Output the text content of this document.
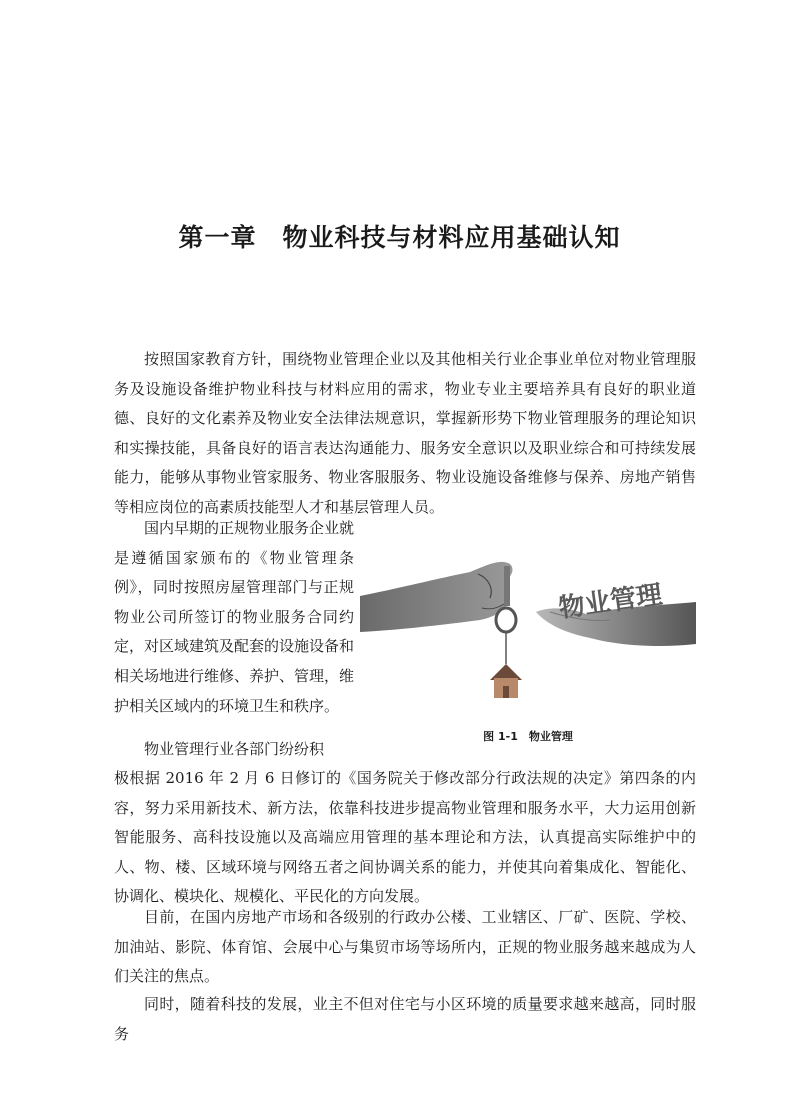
第一章　物业科技与材料应用基础认知

按照国家教育方针，围绕物业管理企业以及其他相关行业企事业单位对物业管理服务及设施设备维护物业科技与材料应用的需求，物业专业主要培养具有良好的职业道德、良好的文化素养及物业安全法律法规意识，掌握新形势下物业管理服务的理论知识和实操技能，具备良好的语言表达沟通能力、服务安全意识以及职业综合和可持续发展能力，能够从事物业管家服务、物业客服服务、物业设施设备维修与保养、房地产销售等相应岗位的高素质技能型人才和基层管理人员。

国内早期的正规物业服务企业就是遵循国家颁布的《物业管理条例》，同时按照房屋管理部门与正规物业公司所签订的物业服务合同约定，对区域建筑及配套的设施设备和相关场地进行维修、养护、管理，维护相关区域内的环境卫生和秩序。

物业管理行业各部门纷纷积

极根据 2016 年 2 月 6 日修订的《国务院关于修改部分行政法规的决定》第四条的内容，努力采用新技术、新方法，依靠科技进步提高物业管理和服务水平，大力运用创新智能服务、高科技设施以及高端应用管理的基本理论和方法，认真提高实际维护中的人、物、楼、区域环境与网络五者之间协调关系的能力，并使其向着集成化、智能化、协调化、模块化、规模化、平民化的方向发展。

目前，在国内房地产市场和各级别的行政办公楼、工业辖区、厂矿、医院、学校、加油站、影院、体育馆、会展中心与集贸市场等场所内，正规的物业服务越来越成为人们关注的焦点。

同时，随着科技的发展，业主不但对住宅与小区环境的质量要求越来越高，同时服务

物业管理
图 1-1　物业管理
